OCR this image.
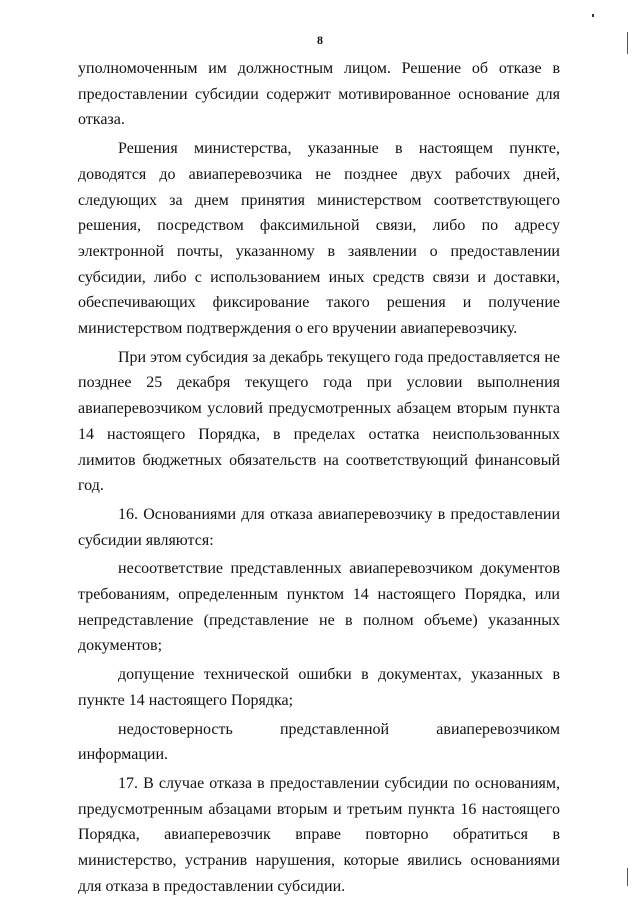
8

уполномоченным им должностным лицом. Решение об отказе в предоставлении субсидии содержит мотивированное основание для отказа.

Решения министерства, указанные в настоящем пункте, доводятся до авиаперевозчика не позднее двух рабочих дней, следующих за днем принятия министерством соответствующего решения, посредством факсимильной связи, либо по адресу электронной почты, указанному в заявлении о предоставлении субсидии, либо с использованием иных средств связи и доставки, обеспечивающих фиксирование такого решения и получение министерством подтверждения о его вручении авиаперевозчику.

При этом субсидия за декабрь текущего года предоставляется не позднее 25 декабря текущего года при условии выполнения авиаперевозчиком условий предусмотренных абзацем вторым пункта 14 настоящего Порядка, в пределах остатка неиспользованных лимитов бюджетных обязательств на соответствующий финансовый год.

16. Основаниями для отказа авиаперевозчику в предоставлении субсидии являются:

несоответствие представленных авиаперевозчиком документов требованиям, определенным пунктом 14 настоящего Порядка, или непредставление (представление не в полном объеме) указанных документов;

допущение технической ошибки в документах, указанных в пункте 14 настоящего Порядка;

недостоверность представленной авиаперевозчиком информации.

17. В случае отказа в предоставлении субсидии по основаниям, предусмотренным абзацами вторым и третьим пункта 16 настоящего Порядка, авиаперевозчик вправе повторно обратиться в министерство, устранив нарушения, которые явились основаниями для отказа в предоставлении субсидии.
